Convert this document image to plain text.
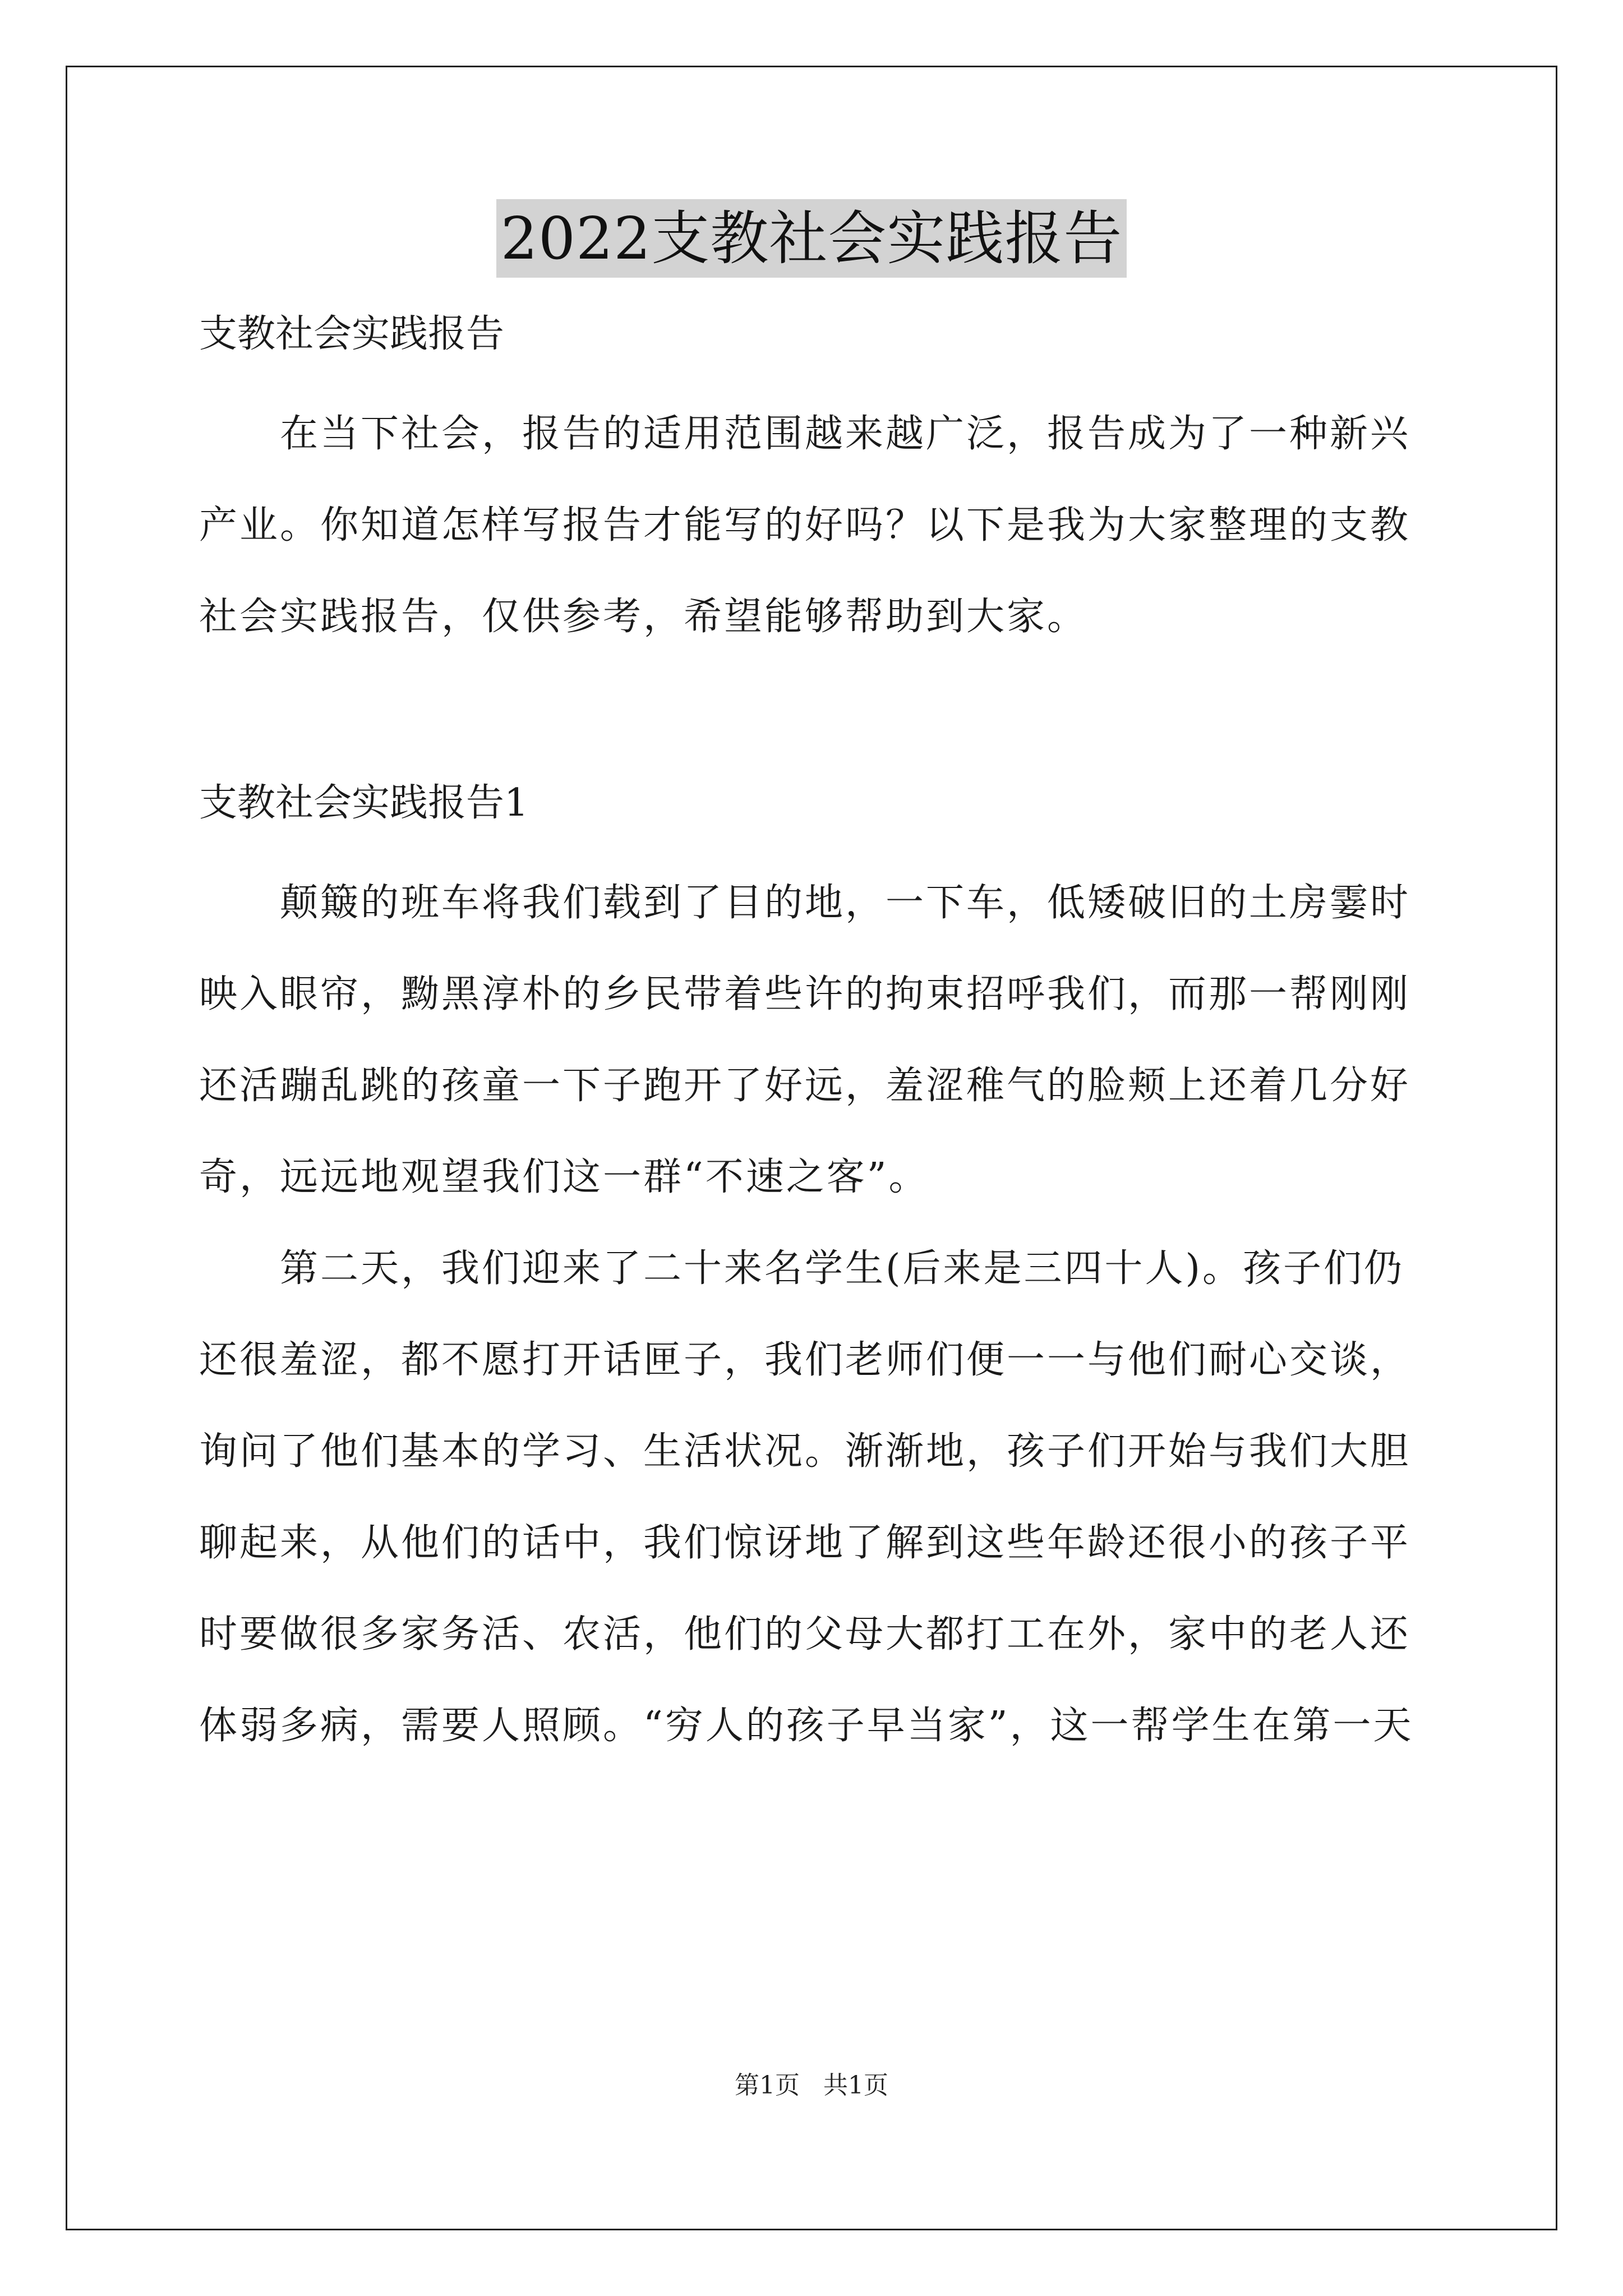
2022支教社会实践报告

支教社会实践报告

在当下社会，报告的适用范围越来越广泛，报告成为了一种新兴产业。你知道怎样写报告才能写的好吗？以下是我为大家整理的支教社会实践报告，仅供参考，希望能够帮助到大家。

支教社会实践报告1

颠簸的班车将我们载到了目的地，一下车，低矮破旧的土房霎时映入眼帘，黝黑淳朴的乡民带着些许的拘束招呼我们，而那一帮刚刚还活蹦乱跳的孩童一下子跑开了好远，羞涩稚气的脸颊上还着几分好奇，远远地观望我们这一群“不速之客”。

第二天，我们迎来了二十来名学生(后来是三四十人)。孩子们仍还很羞涩，都不愿打开话匣子，我们老师们便一一与他们耐心交谈，询问了他们基本的学习、生活状况。渐渐地，孩子们开始与我们大胆聊起来，从他们的话中，我们惊讶地了解到这些年龄还很小的孩子平时要做很多家务活、农活，他们的父母大都打工在外，家中的老人还体弱多病，需要人照顾。“穷人的孩子早当家”，这一帮学生在第一天

第1页 共1页
